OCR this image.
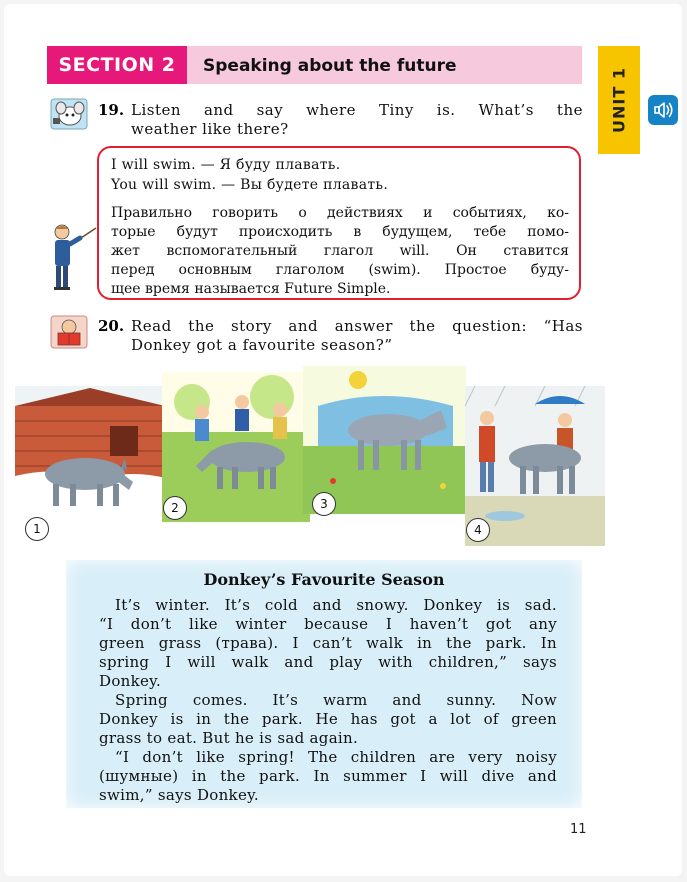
SECTION 2	Speaking about the future
UNIT 1
19. Listen and say where Tiny is. What’s the
weather like there?
I will swim. — Я буду плавать.
You will swim. — Вы будете плавать.
Правильно говорить о действиях и событиях, ко-
торые будут происходить в будущем, тебе помо-
жет вспомогательный глагол will. Он ставится
перед основным глаголом (swim). Простое буду-
щее время называется Future Simple.
20. Read the story and answer the question: “Has
Donkey got a favourite season?”
1
2	3
4
Donkey’s Favourite Season
It’s winter. It’s cold and snowy. Donkey is sad.
“I don’t like winter because I haven’t got any
green grass (трава). I can’t walk in the park. In
spring I will walk and play with children,” says
Donkey.
Spring comes. It’s warm and sunny. Now
Donkey is in the park. He has got a lot of green
grass to eat. But he is sad again.
“I don’t like spring! The children are very noisy
(шумные) in the park. In summer I will dive and
swim,” says Donkey.
11
